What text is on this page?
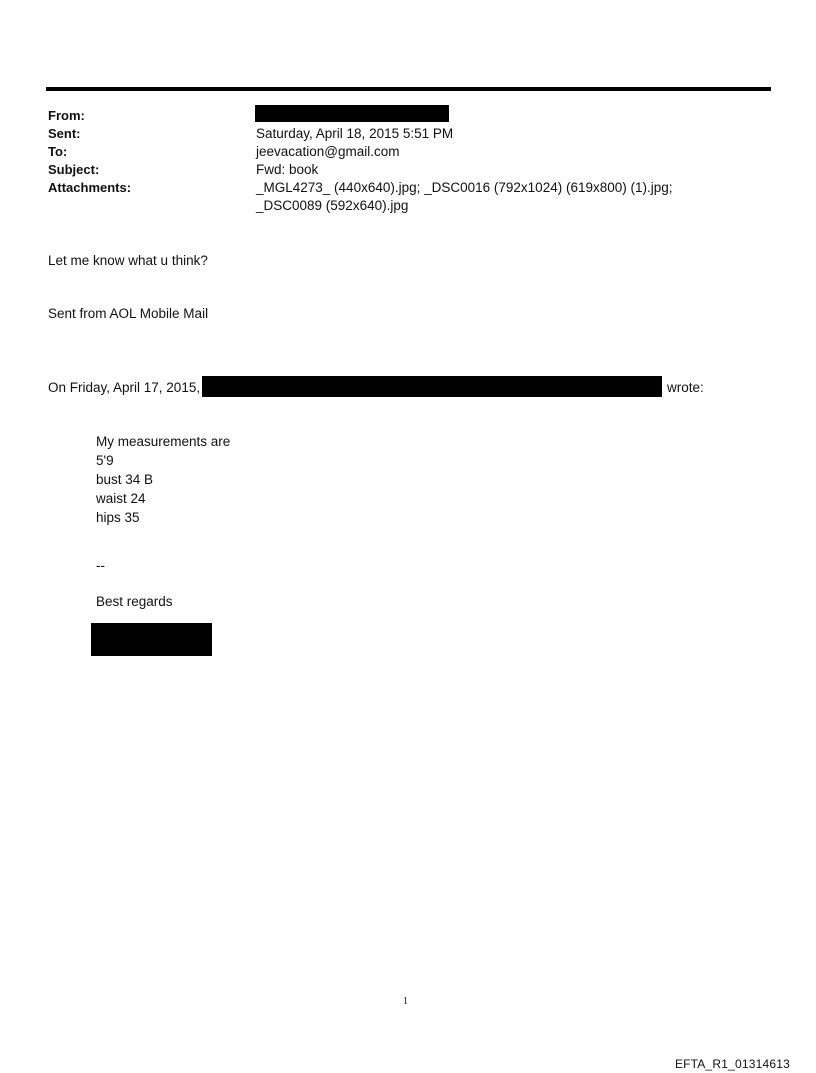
From:
Sent:
To:
Subject:
Attachments:
Saturday, April 18, 2015 5:51 PM
jeevacation@gmail.com
Fwd: book
_MGL4273_ (440x640).jpg; _DSC0016 (792x1024) (619x800) (1).jpg; _DSC0089 (592x640).jpg
Let me know what u think?
Sent from AOL Mobile Mail
On Friday, April 17, 2015,	wrote:
My measurements are
5'9
bust 34 B
waist 24
hips 35
--
Best regards
1
EFTA_R1_01314613
